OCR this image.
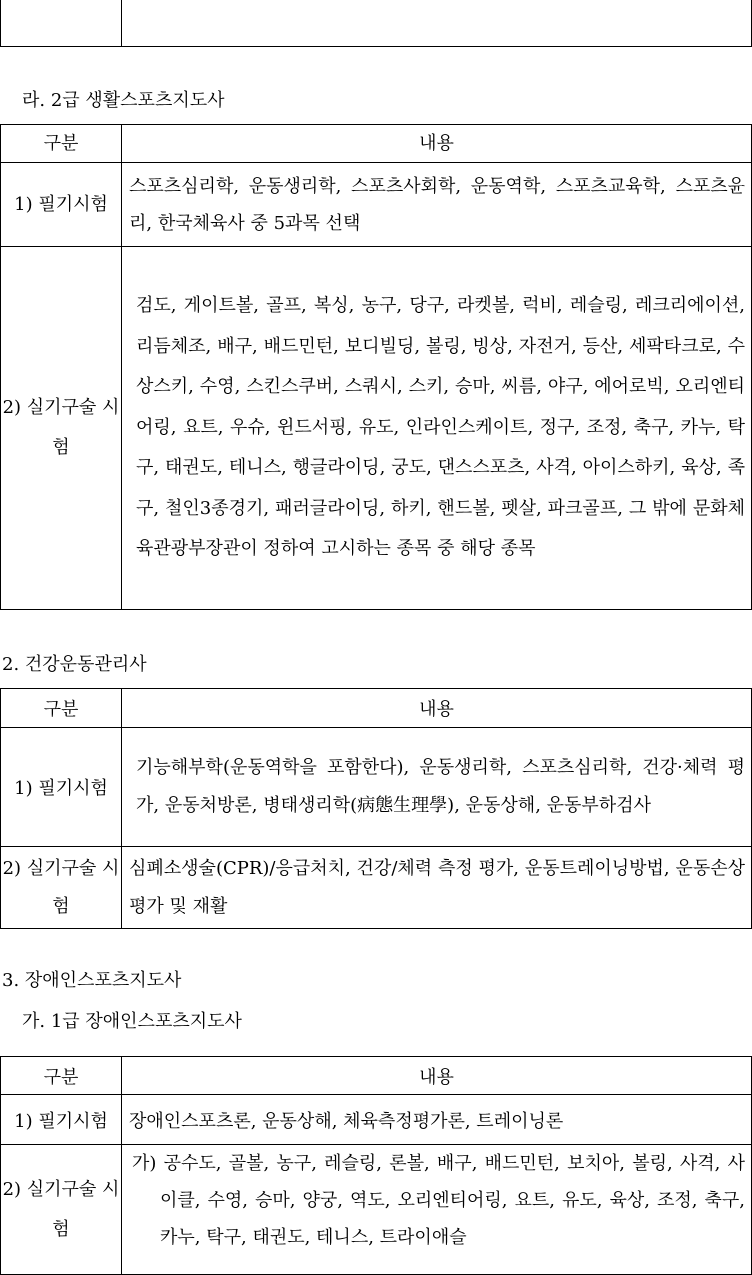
라. 2급 생활스포츠지도사
구분	내용
1) 필기시험	스포츠심리학, 운동생리학, 스포츠사회학, 운동역학, 스포츠교육학, 스포츠윤리, 한국체육사 중 5과목 선택
2) 실기구술 시험	검도, 게이트볼, 골프, 복싱, 농구, 당구, 라켓볼, 럭비, 레슬링, 레크리에이션, 리듬체조, 배구, 배드민턴, 보디빌딩, 볼링, 빙상, 자전거, 등산, 세팍타크로, 수상스키, 수영, 스킨스쿠버, 스쿼시, 스키, 승마, 씨름, 야구, 에어로빅, 오리엔티어링, 요트, 우슈, 윈드서핑, 유도, 인라인스케이트, 정구, 조정, 축구, 카누, 탁구, 태권도, 테니스, 행글라이딩, 궁도, 댄스스포츠, 사격, 아이스하키, 육상, 족구, 철인3종경기, 패러글라이딩, 하키, 핸드볼, 펫살, 파크골프, 그 밖에 문화체육관광부장관이 정하여 고시하는 종목 중 해당 종목
2. 건강운동관리사
구분	내용
1) 필기시험	기능해부학(운동역학을 포함한다), 운동생리학, 스포츠심리학, 건강·체력 평가, 운동처방론, 병태생리학(病態生理學), 운동상해, 운동부하검사
2) 실기구술 시험	심폐소생술(CPR)/응급처치, 건강/체력 측정 평가, 운동트레이닝방법, 운동손상 평가 및 재활
3. 장애인스포츠지도사
가. 1급 장애인스포츠지도사
구분	내용
1) 필기시험	장애인스포츠론, 운동상해, 체육측정평가론, 트레이닝론
2) 실기구술 시험	가) 공수도, 골볼, 농구, 레슬링, 론볼, 배구, 배드민턴, 보치아, 볼링, 사격, 사이클, 수영, 승마, 양궁, 역도, 오리엔티어링, 요트, 유도, 육상, 조정, 축구, 카누, 탁구, 태권도, 테니스, 트라이애슬
